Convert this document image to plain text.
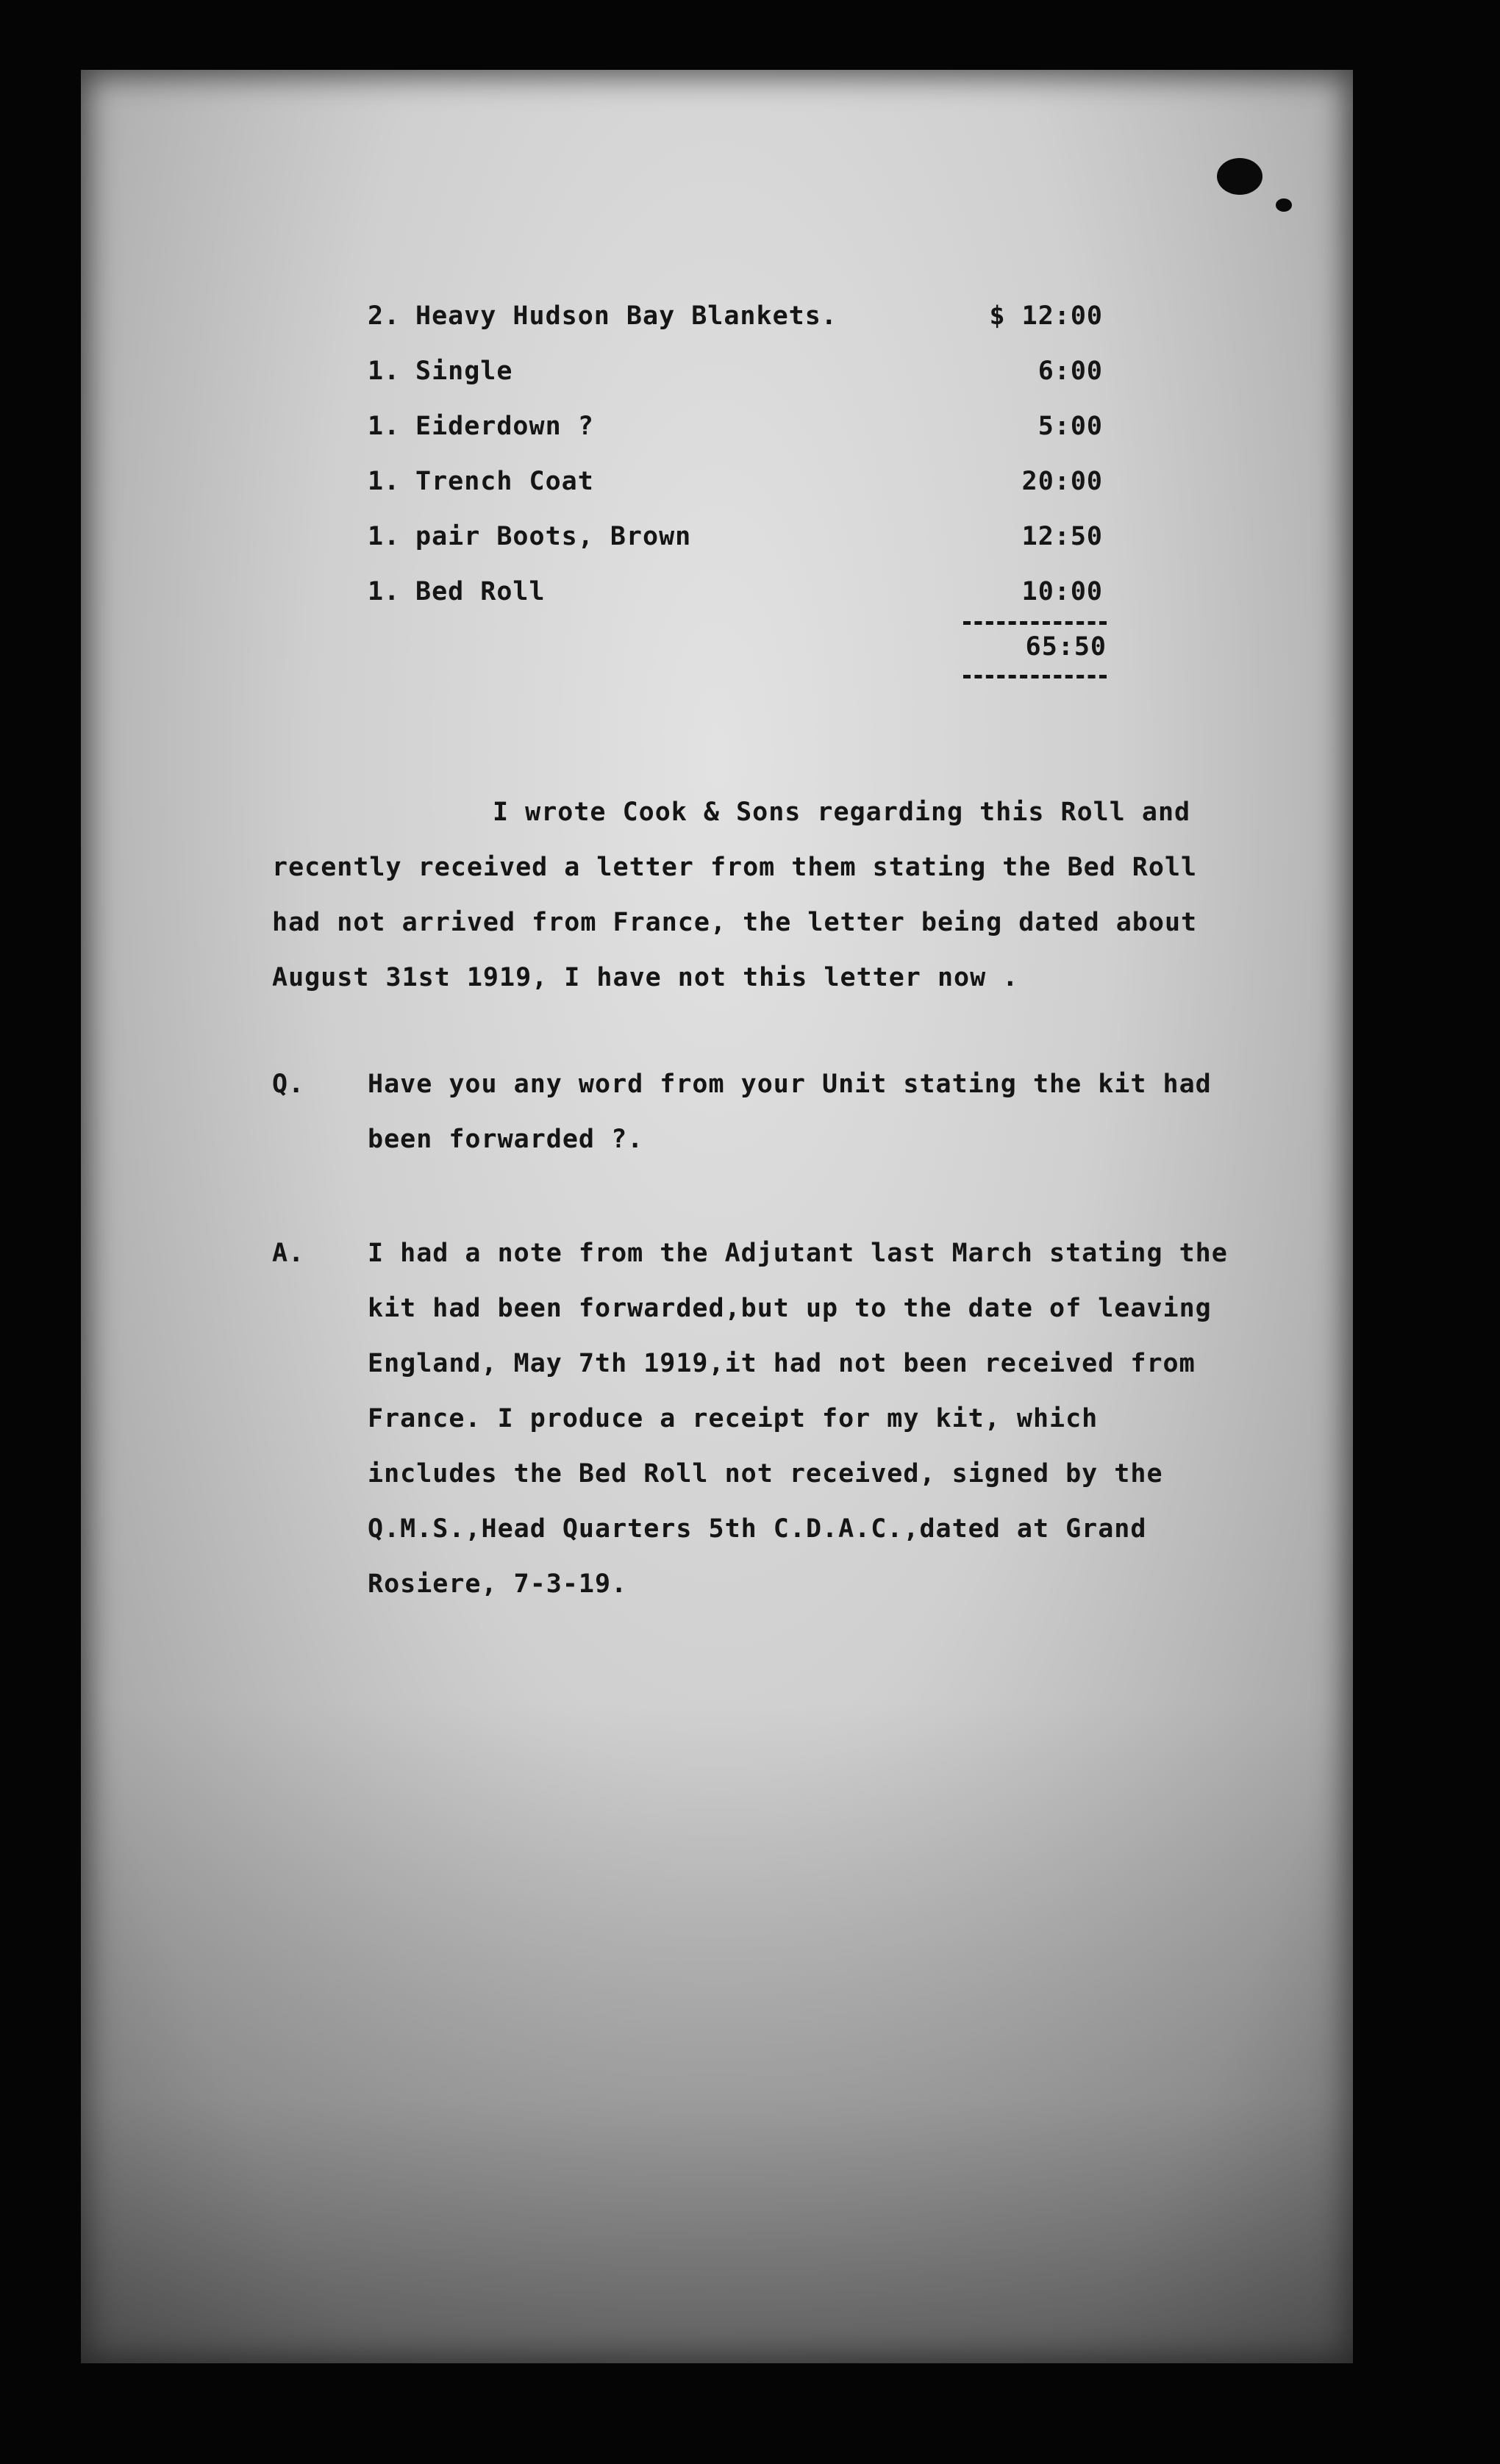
2. Heavy Hudson Bay Blankets.	$ 12:00
1. Single	6:00
1. Eiderdown ?	5:00
1. Trench Coat	20:00
1. pair Boots, Brown	12:50
1. Bed Roll	10:00
65:50
I wrote Cook & Sons regarding this Roll and
recently received a letter from them stating the Bed Roll
had not arrived from France, the letter being dated about
August 31st 1919, I have not this letter now .
Q. Have you any word from your Unit stating the kit had
been forwarded ?.
A. I had a note from the Adjutant last March stating the
kit had been forwarded,but up to the date of leaving
England, May 7th 1919,it had not been received from
France. I produce a receipt for my kit, which
includes the Bed Roll not received, signed by the
Q.M.S.,Head Quarters 5th C.D.A.C.,dated at Grand
Rosiere, 7-3-19.
